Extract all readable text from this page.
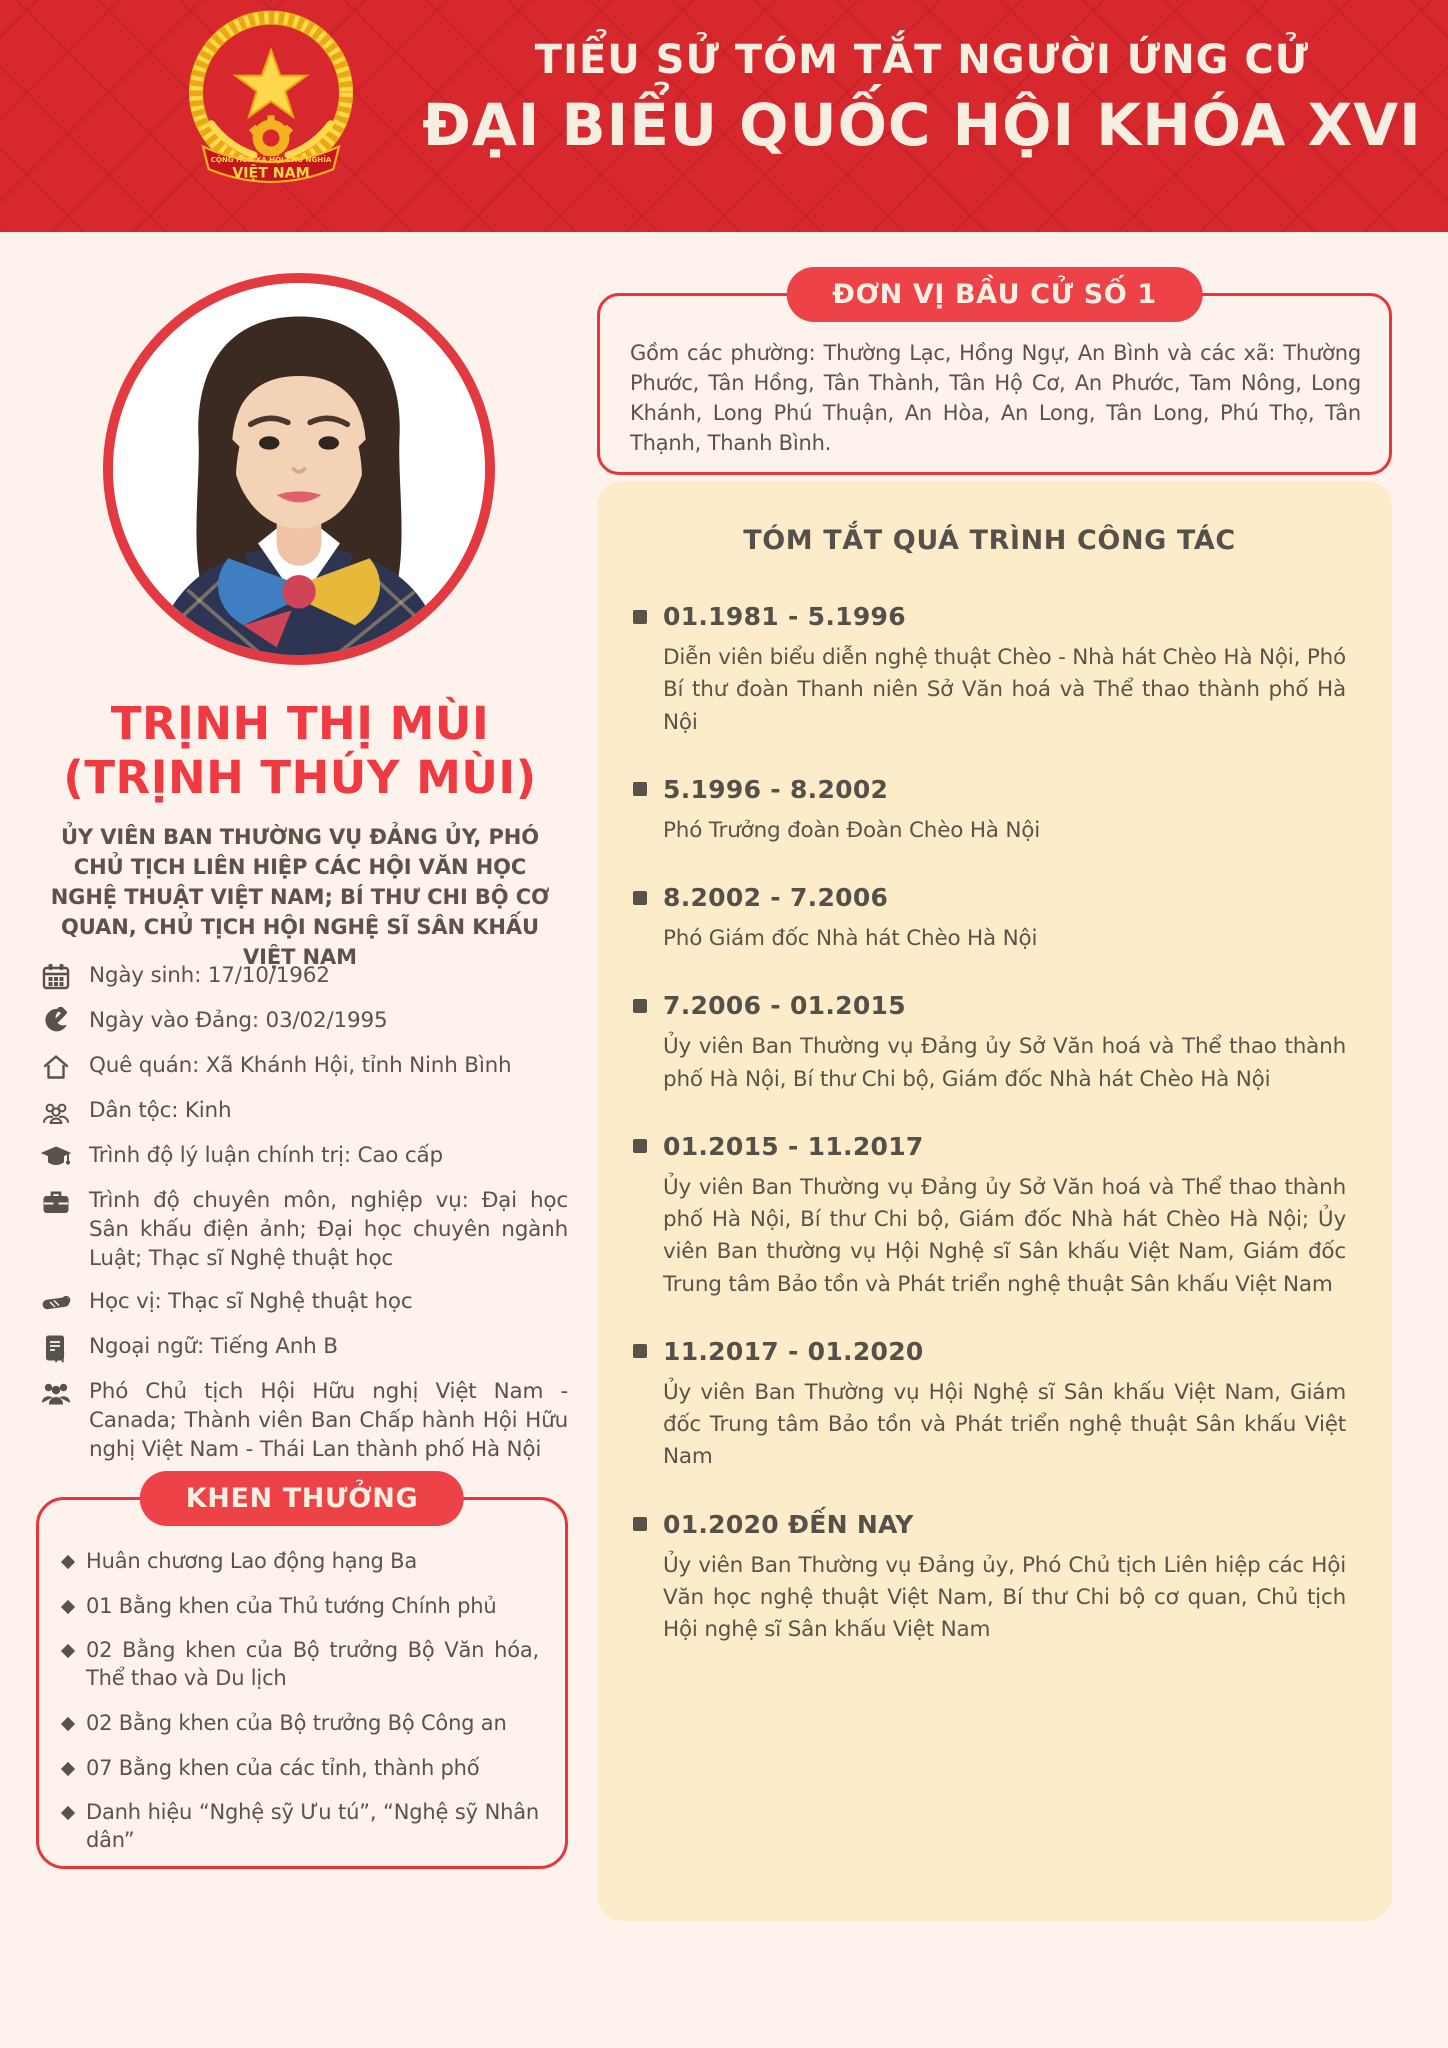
CỘNG HÒA XÃ HỘI CHỦ NGHĨA
VIỆT NAM
TIỂU SỬ TÓM TẮT NGƯỜI ỨNG CỬ
ĐẠI BIỂU QUỐC HỘI KHÓA XVI
TRỊNH THỊ MÙI
(TRỊNH THÚY MÙI)
ỦY VIÊN BAN THƯỜNG VỤ ĐẢNG ỦY, PHÓ CHỦ TỊCH LIÊN HIỆP CÁC HỘI VĂN HỌC NGHỆ THUẬT VIỆT NAM; BÍ THƯ CHI BỘ CƠ QUAN, CHỦ TỊCH HỘI NGHỆ SĨ SÂN KHẤU VIỆT NAM
Ngày sinh: 17/10/1962
Ngày vào Đảng: 03/02/1995
Quê quán: Xã Khánh Hội, tỉnh Ninh Bình
Dân tộc: Kinh
Trình độ lý luận chính trị: Cao cấp
Trình độ chuyên môn, nghiệp vụ: Đại học Sân khấu điện ảnh; Đại học chuyên ngành Luật; Thạc sĩ Nghệ thuật học
Học vị: Thạc sĩ Nghệ thuật học
Ngoại ngữ: Tiếng Anh B
Phó Chủ tịch Hội Hữu nghị Việt Nam - Canada; Thành viên Ban Chấp hành Hội Hữu nghị Việt Nam - Thái Lan thành phố Hà Nội
KHEN THƯỞNG
Huân chương Lao động hạng Ba
01 Bằng khen của Thủ tướng Chính phủ
02 Bằng khen của Bộ trưởng Bộ Văn hóa, Thể thao và Du lịch
02 Bằng khen của Bộ trưởng Bộ Công an
07 Bằng khen của các tỉnh, thành phố
Danh hiệu “Nghệ sỹ Ưu tú”, “Nghệ sỹ Nhân dân”
ĐƠN VỊ BẦU CỬ SỐ 1
Gồm các phường: Thường Lạc, Hồng Ngự, An Bình và các xã: Thường Phước, Tân Hồng, Tân Thành, Tân Hộ Cơ, An Phước, Tam Nông, Long Khánh, Long Phú Thuận, An Hòa, An Long, Tân Long, Phú Thọ, Tân Thạnh, Thanh Bình.
TÓM TẮT QUÁ TRÌNH CÔNG TÁC
01.1981 - 5.1996
Diễn viên biểu diễn nghệ thuật Chèo - Nhà hát Chèo Hà Nội, Phó Bí thư đoàn Thanh niên Sở Văn hoá và Thể thao thành phố Hà Nội
5.1996 - 8.2002
Phó Trưởng đoàn Đoàn Chèo Hà Nội
8.2002 - 7.2006
Phó Giám đốc Nhà hát Chèo Hà Nội
7.2006 - 01.2015
Ủy viên Ban Thường vụ Đảng ủy Sở Văn hoá và Thể thao thành phố Hà Nội, Bí thư Chi bộ, Giám đốc Nhà hát Chèo Hà Nội
01.2015 - 11.2017
Ủy viên Ban Thường vụ Đảng ủy Sở Văn hoá và Thể thao thành phố Hà Nội, Bí thư Chi bộ, Giám đốc Nhà hát Chèo Hà Nội; Ủy viên Ban thường vụ Hội Nghệ sĩ Sân khấu Việt Nam, Giám đốc Trung tâm Bảo tồn và Phát triển nghệ thuật Sân khấu Việt Nam
11.2017 - 01.2020
Ủy viên Ban Thường vụ Hội Nghệ sĩ Sân khấu Việt Nam, Giám đốc Trung tâm Bảo tồn và Phát triển nghệ thuật Sân khấu Việt Nam
01.2020 ĐẾN NAY
Ủy viên Ban Thường vụ Đảng ủy, Phó Chủ tịch Liên hiệp các Hội Văn học nghệ thuật Việt Nam, Bí thư Chi bộ cơ quan, Chủ tịch Hội nghệ sĩ Sân khấu Việt Nam
